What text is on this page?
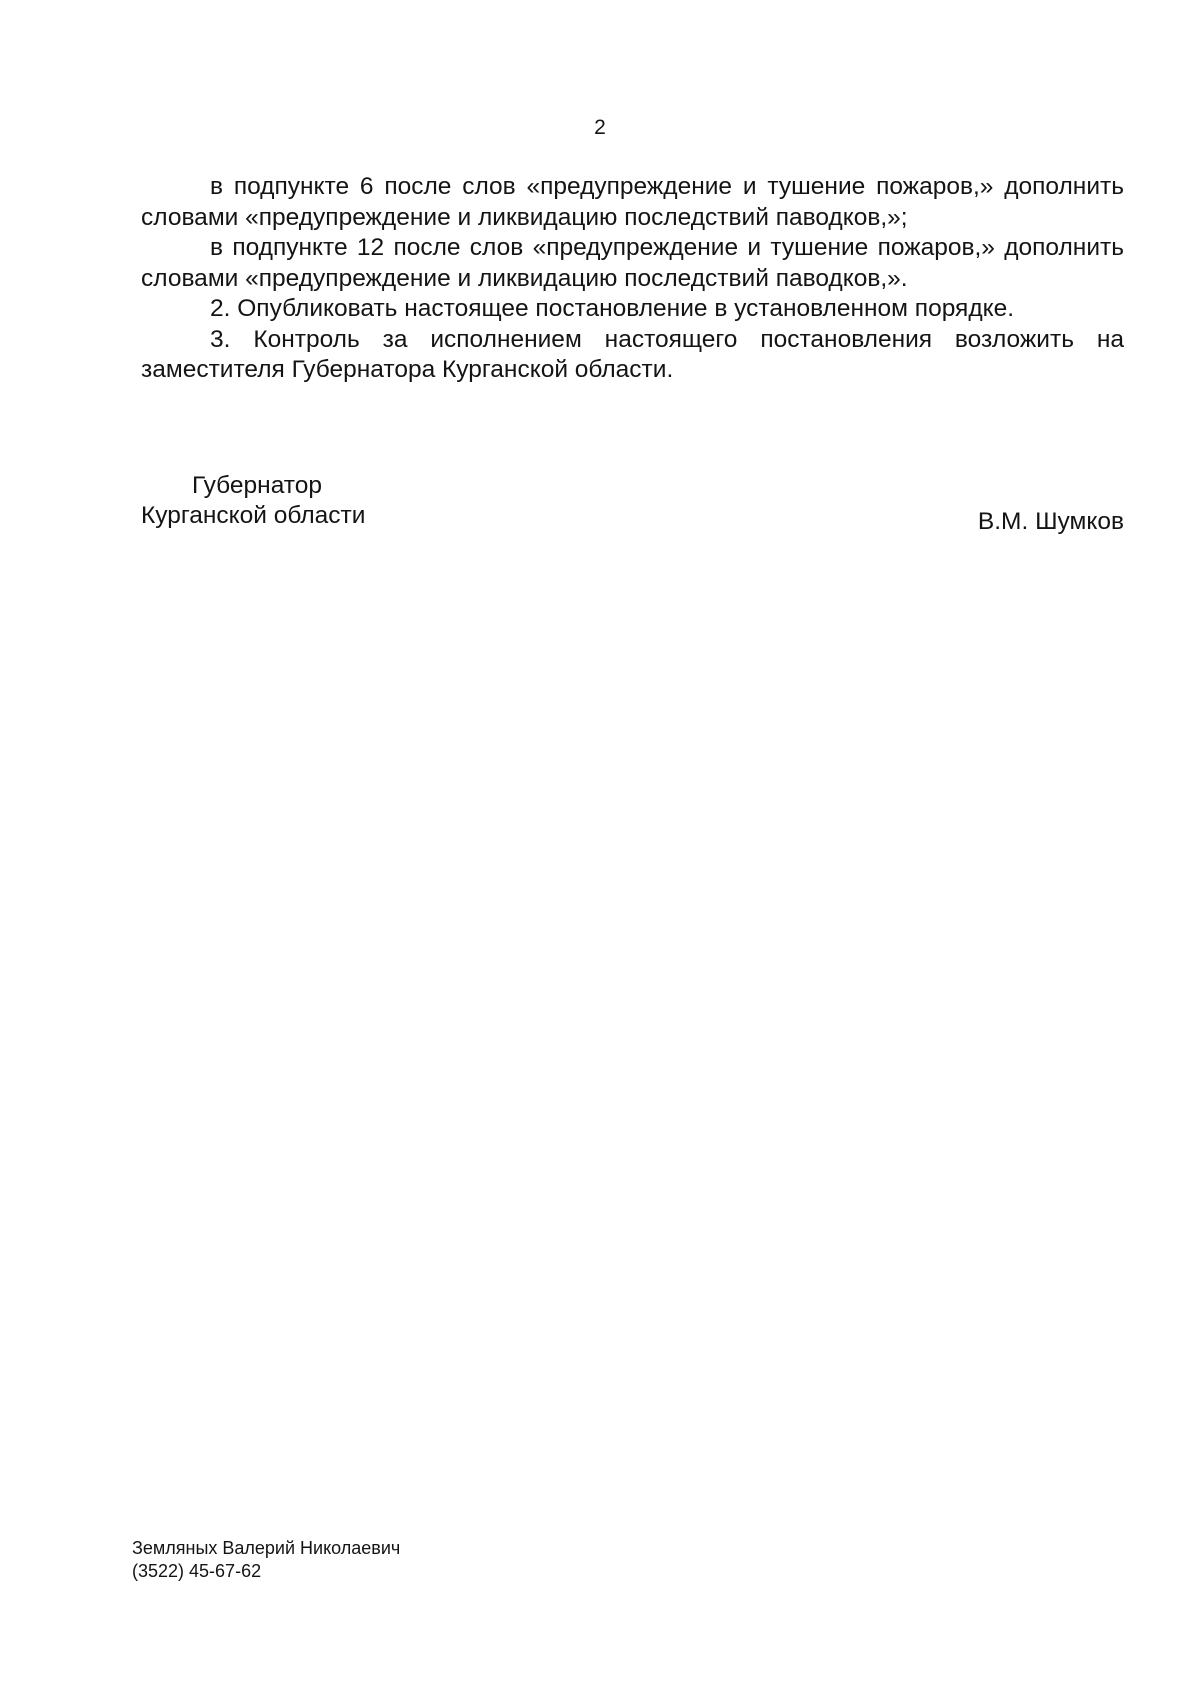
2

в подпункте 6 после слов «предупреждение и тушение пожаров,» дополнить словами «предупреждение и ликвидацию последствий паводков,»;

в подпункте 12 после слов «предупреждение и тушение пожаров,» дополнить словами «предупреждение и ликвидацию последствий паводков,».

2. Опубликовать настоящее постановление в установленном порядке.

3. Контроль за исполнением настоящего постановления возложить на заместителя Губернатора Курганской области.

Губернатор
Курганской области	В.М. Шумков
Земляных Валерий Николаевич
(3522) 45-67-62
